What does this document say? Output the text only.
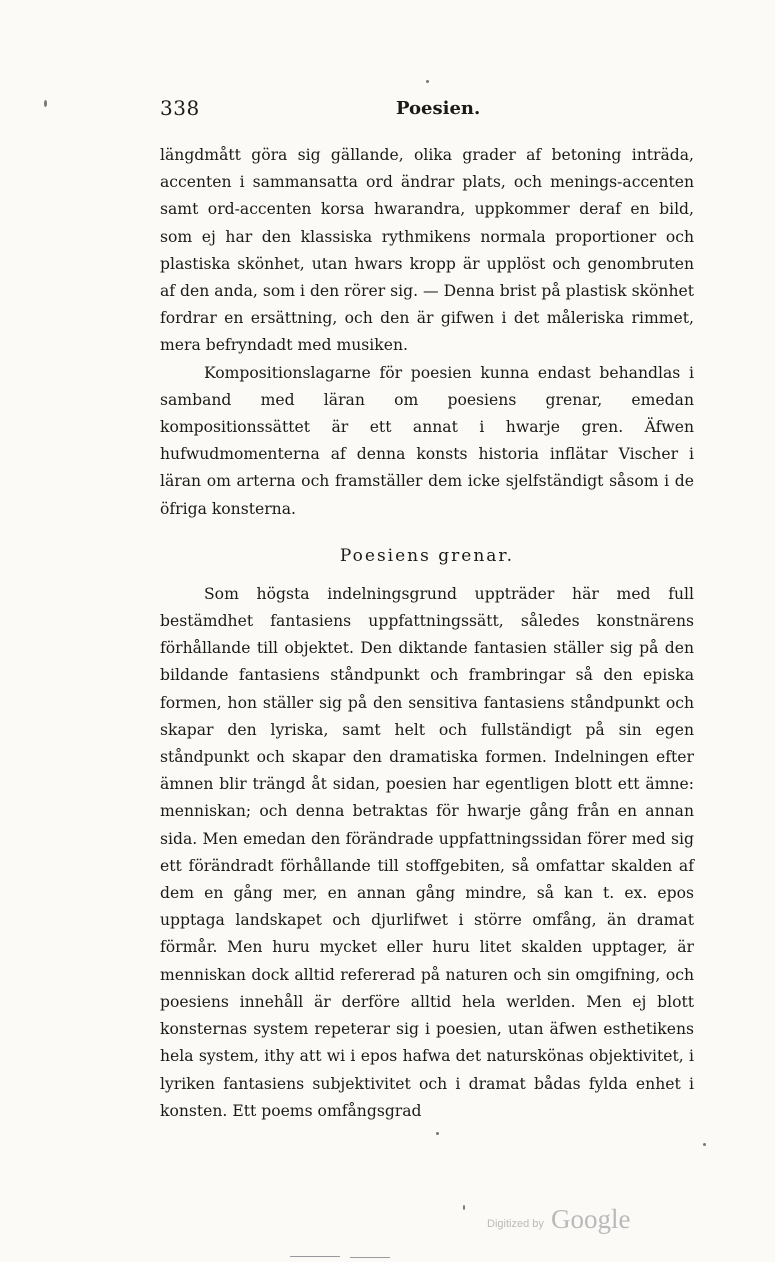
338	Poesien.

längdmått göra sig gällande, olika grader af betoning inträda, accenten i sammansatta ord ändrar plats, och menings-accenten samt ord-accenten korsa hwarandra, uppkommer deraf en bild, som ej har den klassiska rythmikens normala proportioner och plastiska skönhet, utan hwars kropp är upplöst och genombruten af den anda, som i den rörer sig. — Denna brist på plastisk skönhet fordrar en ersättning, och den är gifwen i det måleriska rimmet, mera befryndadt med musiken.

Kompositionslagarne för poesien kunna endast behandlas i samband med läran om poesiens grenar, emedan kompositionssättet är ett annat i hwarje gren. Äfwen hufwudmomenterna af denna konsts historia inflätar Vischer i läran om arterna och framställer dem icke sjelfständigt såsom i de öfriga konsterna.

Poesiens grenar.

Som högsta indelningsgrund uppträder här med full bestämdhet fantasiens uppfattningssätt, således konstnärens förhållande till objektet. Den diktande fantasien ställer sig på den bildande fantasiens ståndpunkt och frambringar så den episka formen, hon ställer sig på den sensitiva fantasiens ståndpunkt och skapar den lyriska, samt helt och fullständigt på sin egen ståndpunkt och skapar den dramatiska formen. Indelningen efter ämnen blir trängd åt sidan, poesien har egentligen blott ett ämne: menniskan; och denna betraktas för hwarje gång från en annan sida. Men emedan den förändrade uppfattningssidan förer med sig ett förändradt förhållande till stoffgebiten, så omfattar skalden af dem en gång mer, en annan gång mindre, så kan t. ex. epos upptaga landskapet och djurlifwet i större omfång, än dramat förmår. Men huru mycket eller huru litet skalden upptager, är menniskan dock alltid refererad på naturen och sin omgifning, och poesiens innehåll är derföre alltid hela werlden. Men ej blott konsternas system repeterar sig i poesien, utan äfwen esthetikens hela system, ithy att wi i epos hafwa det naturskönas objektivitet, i lyriken fantasiens subjektivitet och i dramat bådas fylda enhet i konsten. Ett poems omfångsgrad

Digitized by Google
